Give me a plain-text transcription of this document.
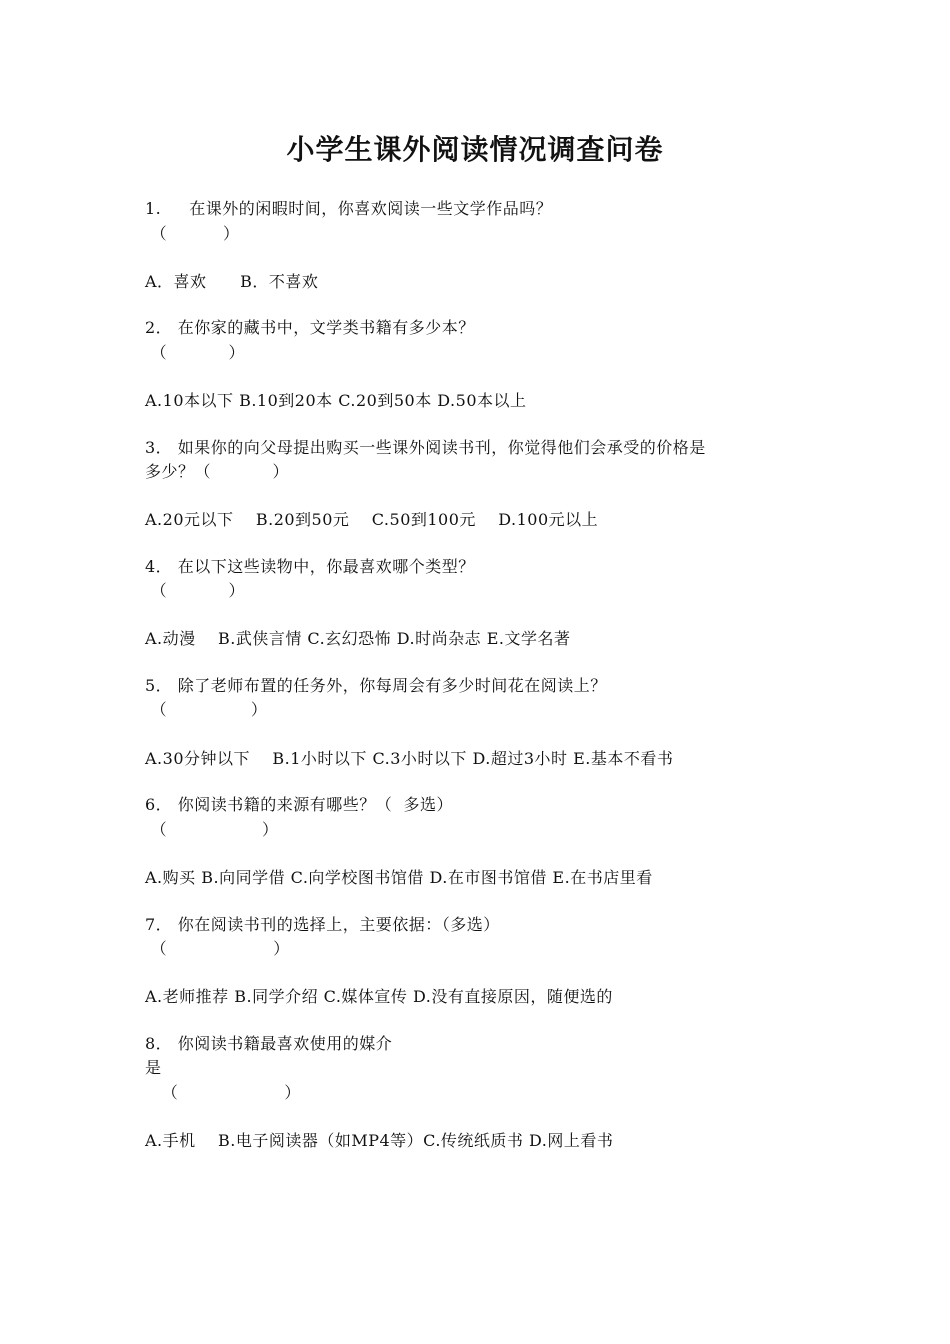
小学生课外阅读情况调查问卷
1.     在课外的闲暇时间，你喜欢阅读一些文学作品吗？
（          ）
A．喜欢      B．不喜欢
2． 在你家的藏书中，文学类书籍有多少本？
（           ）
A.10本以下 B.10到20本 C.20到50本 D.50本以上
3． 如果你的向父母提出购买一些课外阅读书刊，你觉得他们会承受的价格是
多少？（           ）
A.20元以下    B.20到50元    C.50到100元    D.100元以上
4． 在以下这些读物中，你最喜欢哪个类型？
（           ）
A.动漫    B.武侠言情 C.玄幻恐怖 D.时尚杂志 E.文学名著
5． 除了老师布置的任务外，你每周会有多少时间花在阅读上？
（               ）
A.30分钟以下    B.1小时以下 C.3小时以下 D.超过3小时 E.基本不看书
6． 你阅读书籍的来源有哪些？（  多选）
（                 ）
A.购买 B.向同学借 C.向学校图书馆借 D.在市图书馆借 E.在书店里看
7． 你在阅读书刊的选择上，主要依据：（多选）
（                   ）
A.老师推荐 B.同学介绍 C.媒体宣传 D.没有直接原因，随便选的
8． 你阅读书籍最喜欢使用的媒介
是
（                   ）
A.手机    B.电子阅读器（如MP4等）C.传统纸质书 D.网上看书
